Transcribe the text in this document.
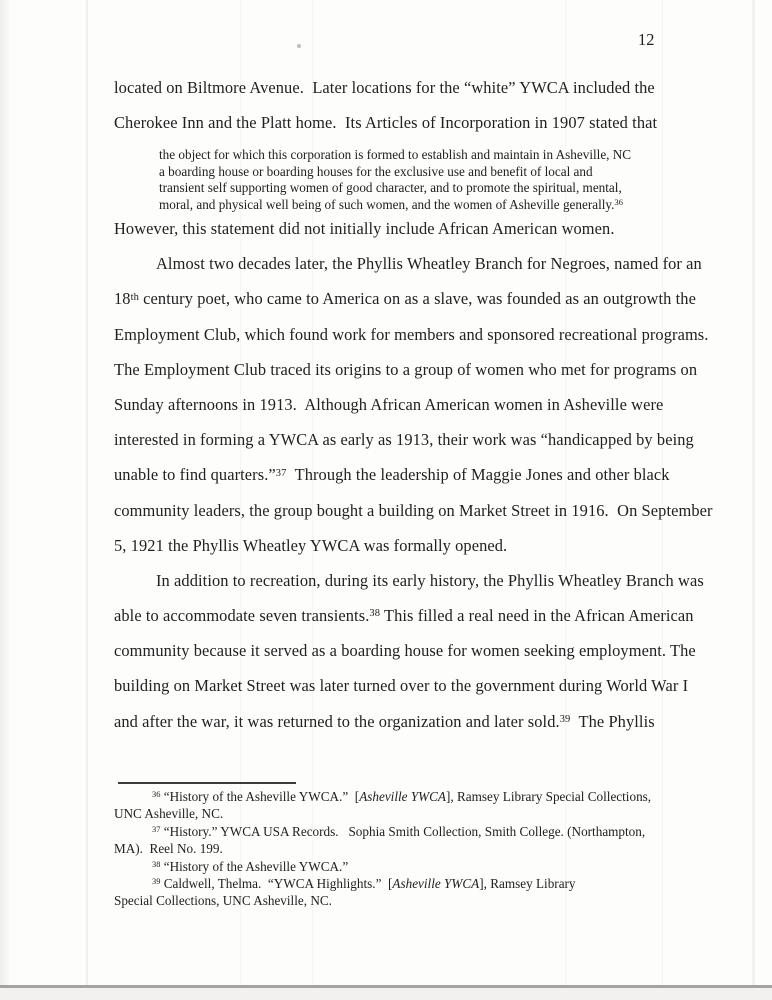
12
located on Biltmore Avenue.  Later locations for the “white” YWCA included the
Cherokee Inn and the Platt home.  Its Articles of Incorporation in 1907 stated that
the object for which this corporation is formed to establish and maintain in Asheville, NC
a boarding house or boarding houses for the exclusive use and benefit of local and
transient self supporting women of good character, and to promote the spiritual, mental,
moral, and physical well being of such women, and the women of Asheville generally.$^{36}$
However, this statement did not initially include African American women.
Almost two decades later, the Phyllis Wheatley Branch for Negroes, named for an
18th century poet, who came to America on as a slave, was founded as an outgrowth the
Employment Club, which found work for members and sponsored recreational programs.
The Employment Club traced its origins to a group of women who met for programs on
Sunday afternoons in 1913.  Although African American women in Asheville were
interested in forming a YWCA as early as 1913, their work was “handicapped by being
unable to find quarters.”$^{37}$  Through the leadership of Maggie Jones and other black
community leaders, the group bought a building on Market Street in 1916.  On September
5, 1921 the Phyllis Wheatley YWCA was formally opened.
In addition to recreation, during its early history, the Phyllis Wheatley Branch was
able to accommodate seven transients.$^{38}$ This filled a real need in the African American
community because it served as a boarding house for women seeking employment. The
building on Market Street was later turned over to the government during World War I
and after the war, it was returned to the organization and later sold.$^{39}$  The Phyllis
$^{36}$ “History of the Asheville YWCA.”  [Asheville YWCA], Ramsey Library Special Collections,
UNC Asheville, NC.
$^{37}$ “History.” YWCA USA Records.   Sophia Smith Collection, Smith College. (Northampton,
MA).  Reel No. 199.
$^{38}$ “History of the Asheville YWCA.”
$^{39}$ Caldwell, Thelma.  “YWCA Highlights.”  [Asheville YWCA], Ramsey Library
Special Collections, UNC Asheville, NC.
